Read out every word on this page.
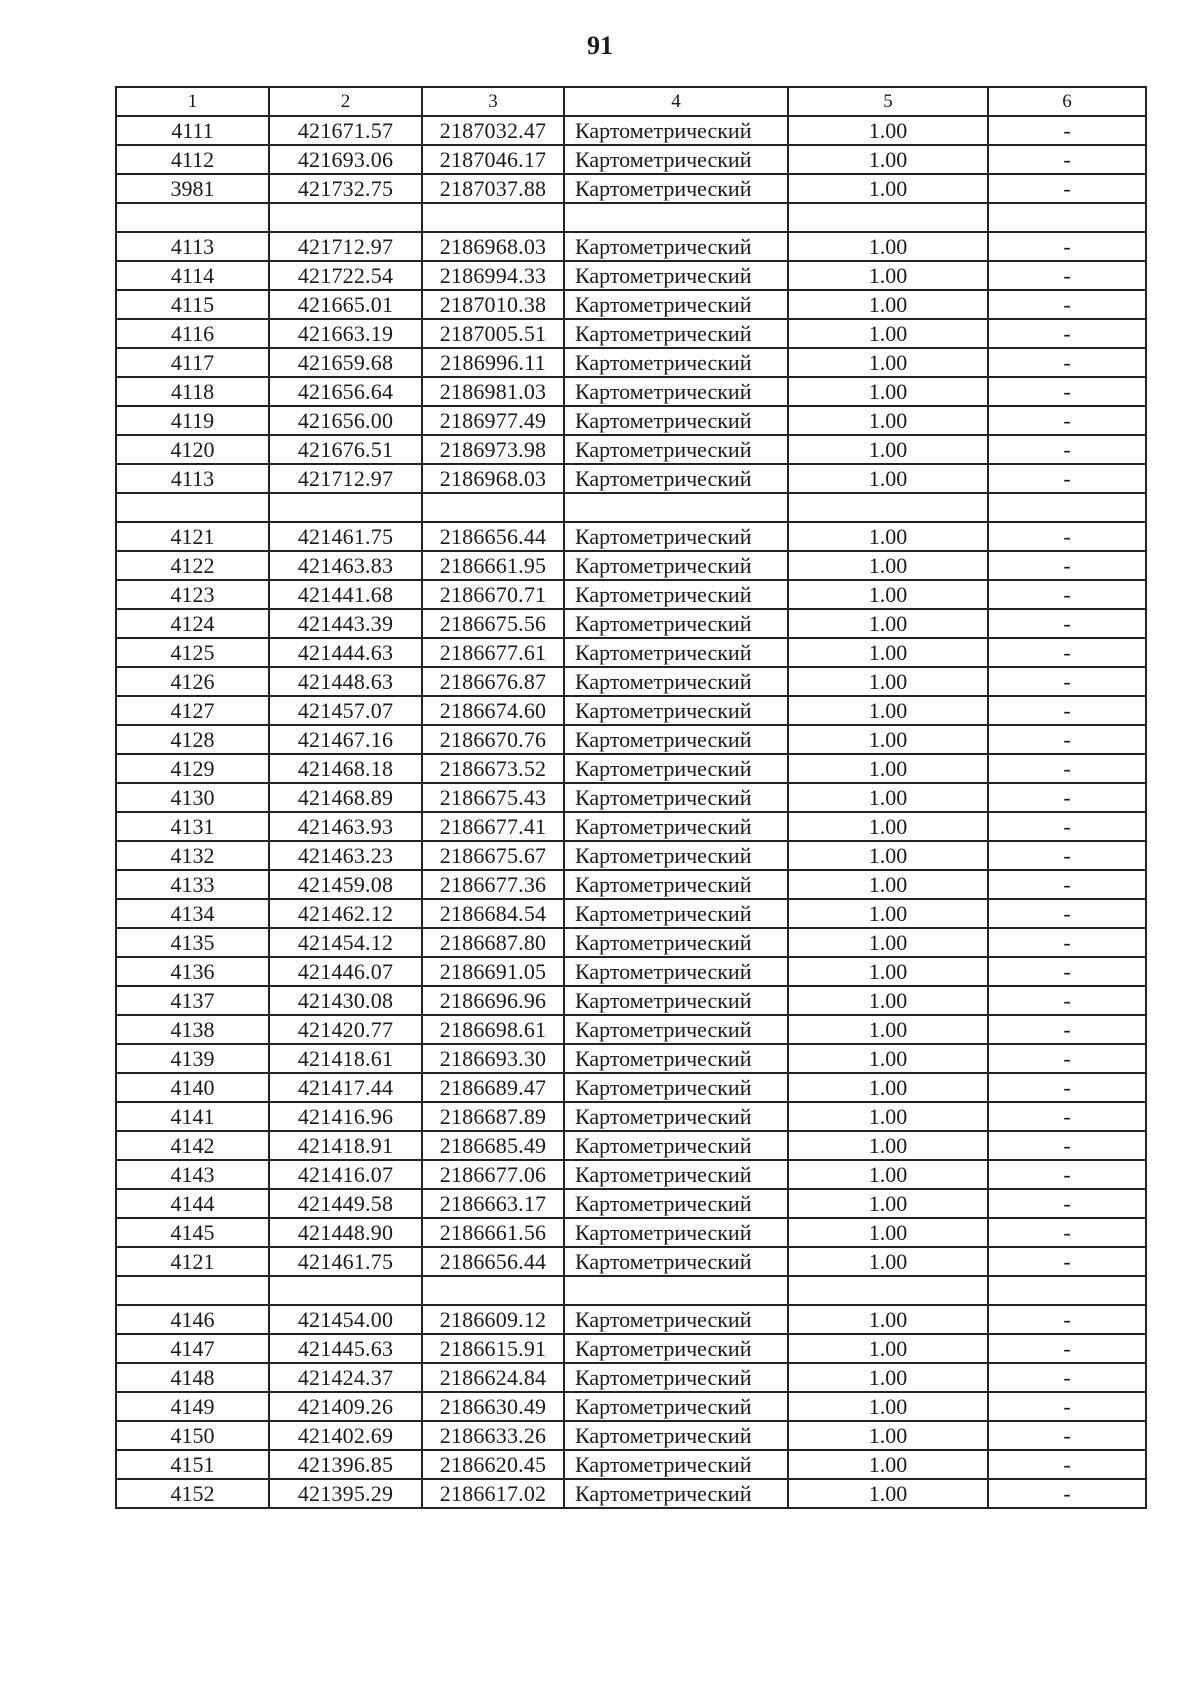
91
1	2	3	4	5	6
4111	421671.57	2187032.47	Картометрический	1.00	-
4112	421693.06	2187046.17	Картометрический	1.00	-
3981	421732.75	2187037.88	Картометрический	1.00	-

4113	421712.97	2186968.03	Картометрический	1.00	-
4114	421722.54	2186994.33	Картометрический	1.00	-
4115	421665.01	2187010.38	Картометрический	1.00	-
4116	421663.19	2187005.51	Картометрический	1.00	-
4117	421659.68	2186996.11	Картометрический	1.00	-
4118	421656.64	2186981.03	Картометрический	1.00	-
4119	421656.00	2186977.49	Картометрический	1.00	-
4120	421676.51	2186973.98	Картометрический	1.00	-
4113	421712.97	2186968.03	Картометрический	1.00	-

4121	421461.75	2186656.44	Картометрический	1.00	-
4122	421463.83	2186661.95	Картометрический	1.00	-
4123	421441.68	2186670.71	Картометрический	1.00	-
4124	421443.39	2186675.56	Картометрический	1.00	-
4125	421444.63	2186677.61	Картометрический	1.00	-
4126	421448.63	2186676.87	Картометрический	1.00	-
4127	421457.07	2186674.60	Картометрический	1.00	-
4128	421467.16	2186670.76	Картометрический	1.00	-
4129	421468.18	2186673.52	Картометрический	1.00	-
4130	421468.89	2186675.43	Картометрический	1.00	-
4131	421463.93	2186677.41	Картометрический	1.00	-
4132	421463.23	2186675.67	Картометрический	1.00	-
4133	421459.08	2186677.36	Картометрический	1.00	-
4134	421462.12	2186684.54	Картометрический	1.00	-
4135	421454.12	2186687.80	Картометрический	1.00	-
4136	421446.07	2186691.05	Картометрический	1.00	-
4137	421430.08	2186696.96	Картометрический	1.00	-
4138	421420.77	2186698.61	Картометрический	1.00	-
4139	421418.61	2186693.30	Картометрический	1.00	-
4140	421417.44	2186689.47	Картометрический	1.00	-
4141	421416.96	2186687.89	Картометрический	1.00	-
4142	421418.91	2186685.49	Картометрический	1.00	-
4143	421416.07	2186677.06	Картометрический	1.00	-
4144	421449.58	2186663.17	Картометрический	1.00	-
4145	421448.90	2186661.56	Картометрический	1.00	-
4121	421461.75	2186656.44	Картометрический	1.00	-

4146	421454.00	2186609.12	Картометрический	1.00	-
4147	421445.63	2186615.91	Картометрический	1.00	-
4148	421424.37	2186624.84	Картометрический	1.00	-
4149	421409.26	2186630.49	Картометрический	1.00	-
4150	421402.69	2186633.26	Картометрический	1.00	-
4151	421396.85	2186620.45	Картометрический	1.00	-
4152	421395.29	2186617.02	Картометрический	1.00	-
